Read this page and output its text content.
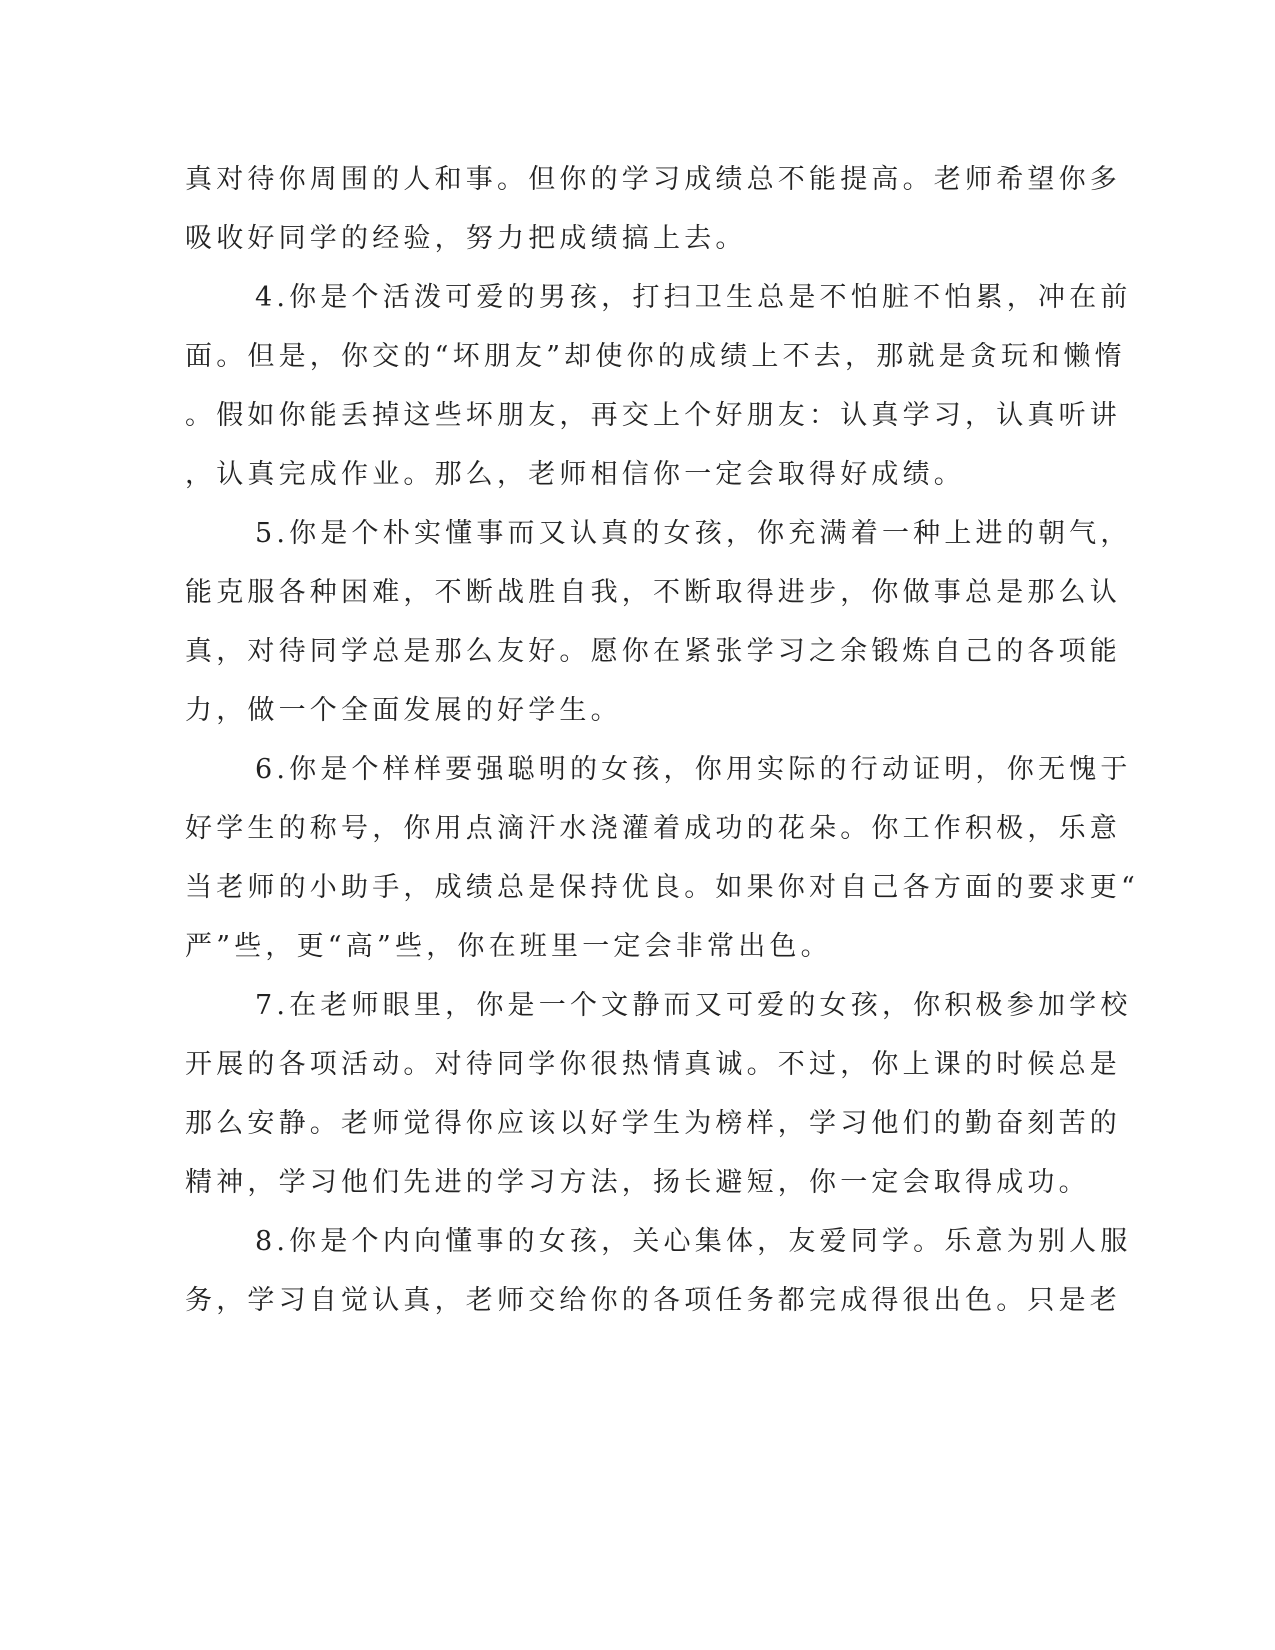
真对待你周围的人和事。但你的学习成绩总不能提高。老师希望你多
吸收好同学的经验，努力把成绩搞上去。
4.你是个活泼可爱的男孩，打扫卫生总是不怕脏不怕累，冲在前
面。但是，你交的“坏朋友”却使你的成绩上不去，那就是贪玩和懒惰
。假如你能丢掉这些坏朋友，再交上个好朋友：认真学习，认真听讲
，认真完成作业。那么，老师相信你一定会取得好成绩。
5.你是个朴实懂事而又认真的女孩，你充满着一种上进的朝气，
能克服各种困难，不断战胜自我，不断取得进步，你做事总是那么认
真，对待同学总是那么友好。愿你在紧张学习之余锻炼自己的各项能
力，做一个全面发展的好学生。
6.你是个样样要强聪明的女孩，你用实际的行动证明，你无愧于
好学生的称号，你用点滴汗水浇灌着成功的花朵。你工作积极，乐意
当老师的小助手，成绩总是保持优良。如果你对自己各方面的要求更“
严”些，更“高”些，你在班里一定会非常出色。
7.在老师眼里，你是一个文静而又可爱的女孩，你积极参加学校
开展的各项活动。对待同学你很热情真诚。不过，你上课的时候总是
那么安静。老师觉得你应该以好学生为榜样，学习他们的勤奋刻苦的
精神，学习他们先进的学习方法，扬长避短，你一定会取得成功。
8.你是个内向懂事的女孩，关心集体，友爱同学。乐意为别人服
务，学习自觉认真，老师交给你的各项任务都完成得很出色。只是老
